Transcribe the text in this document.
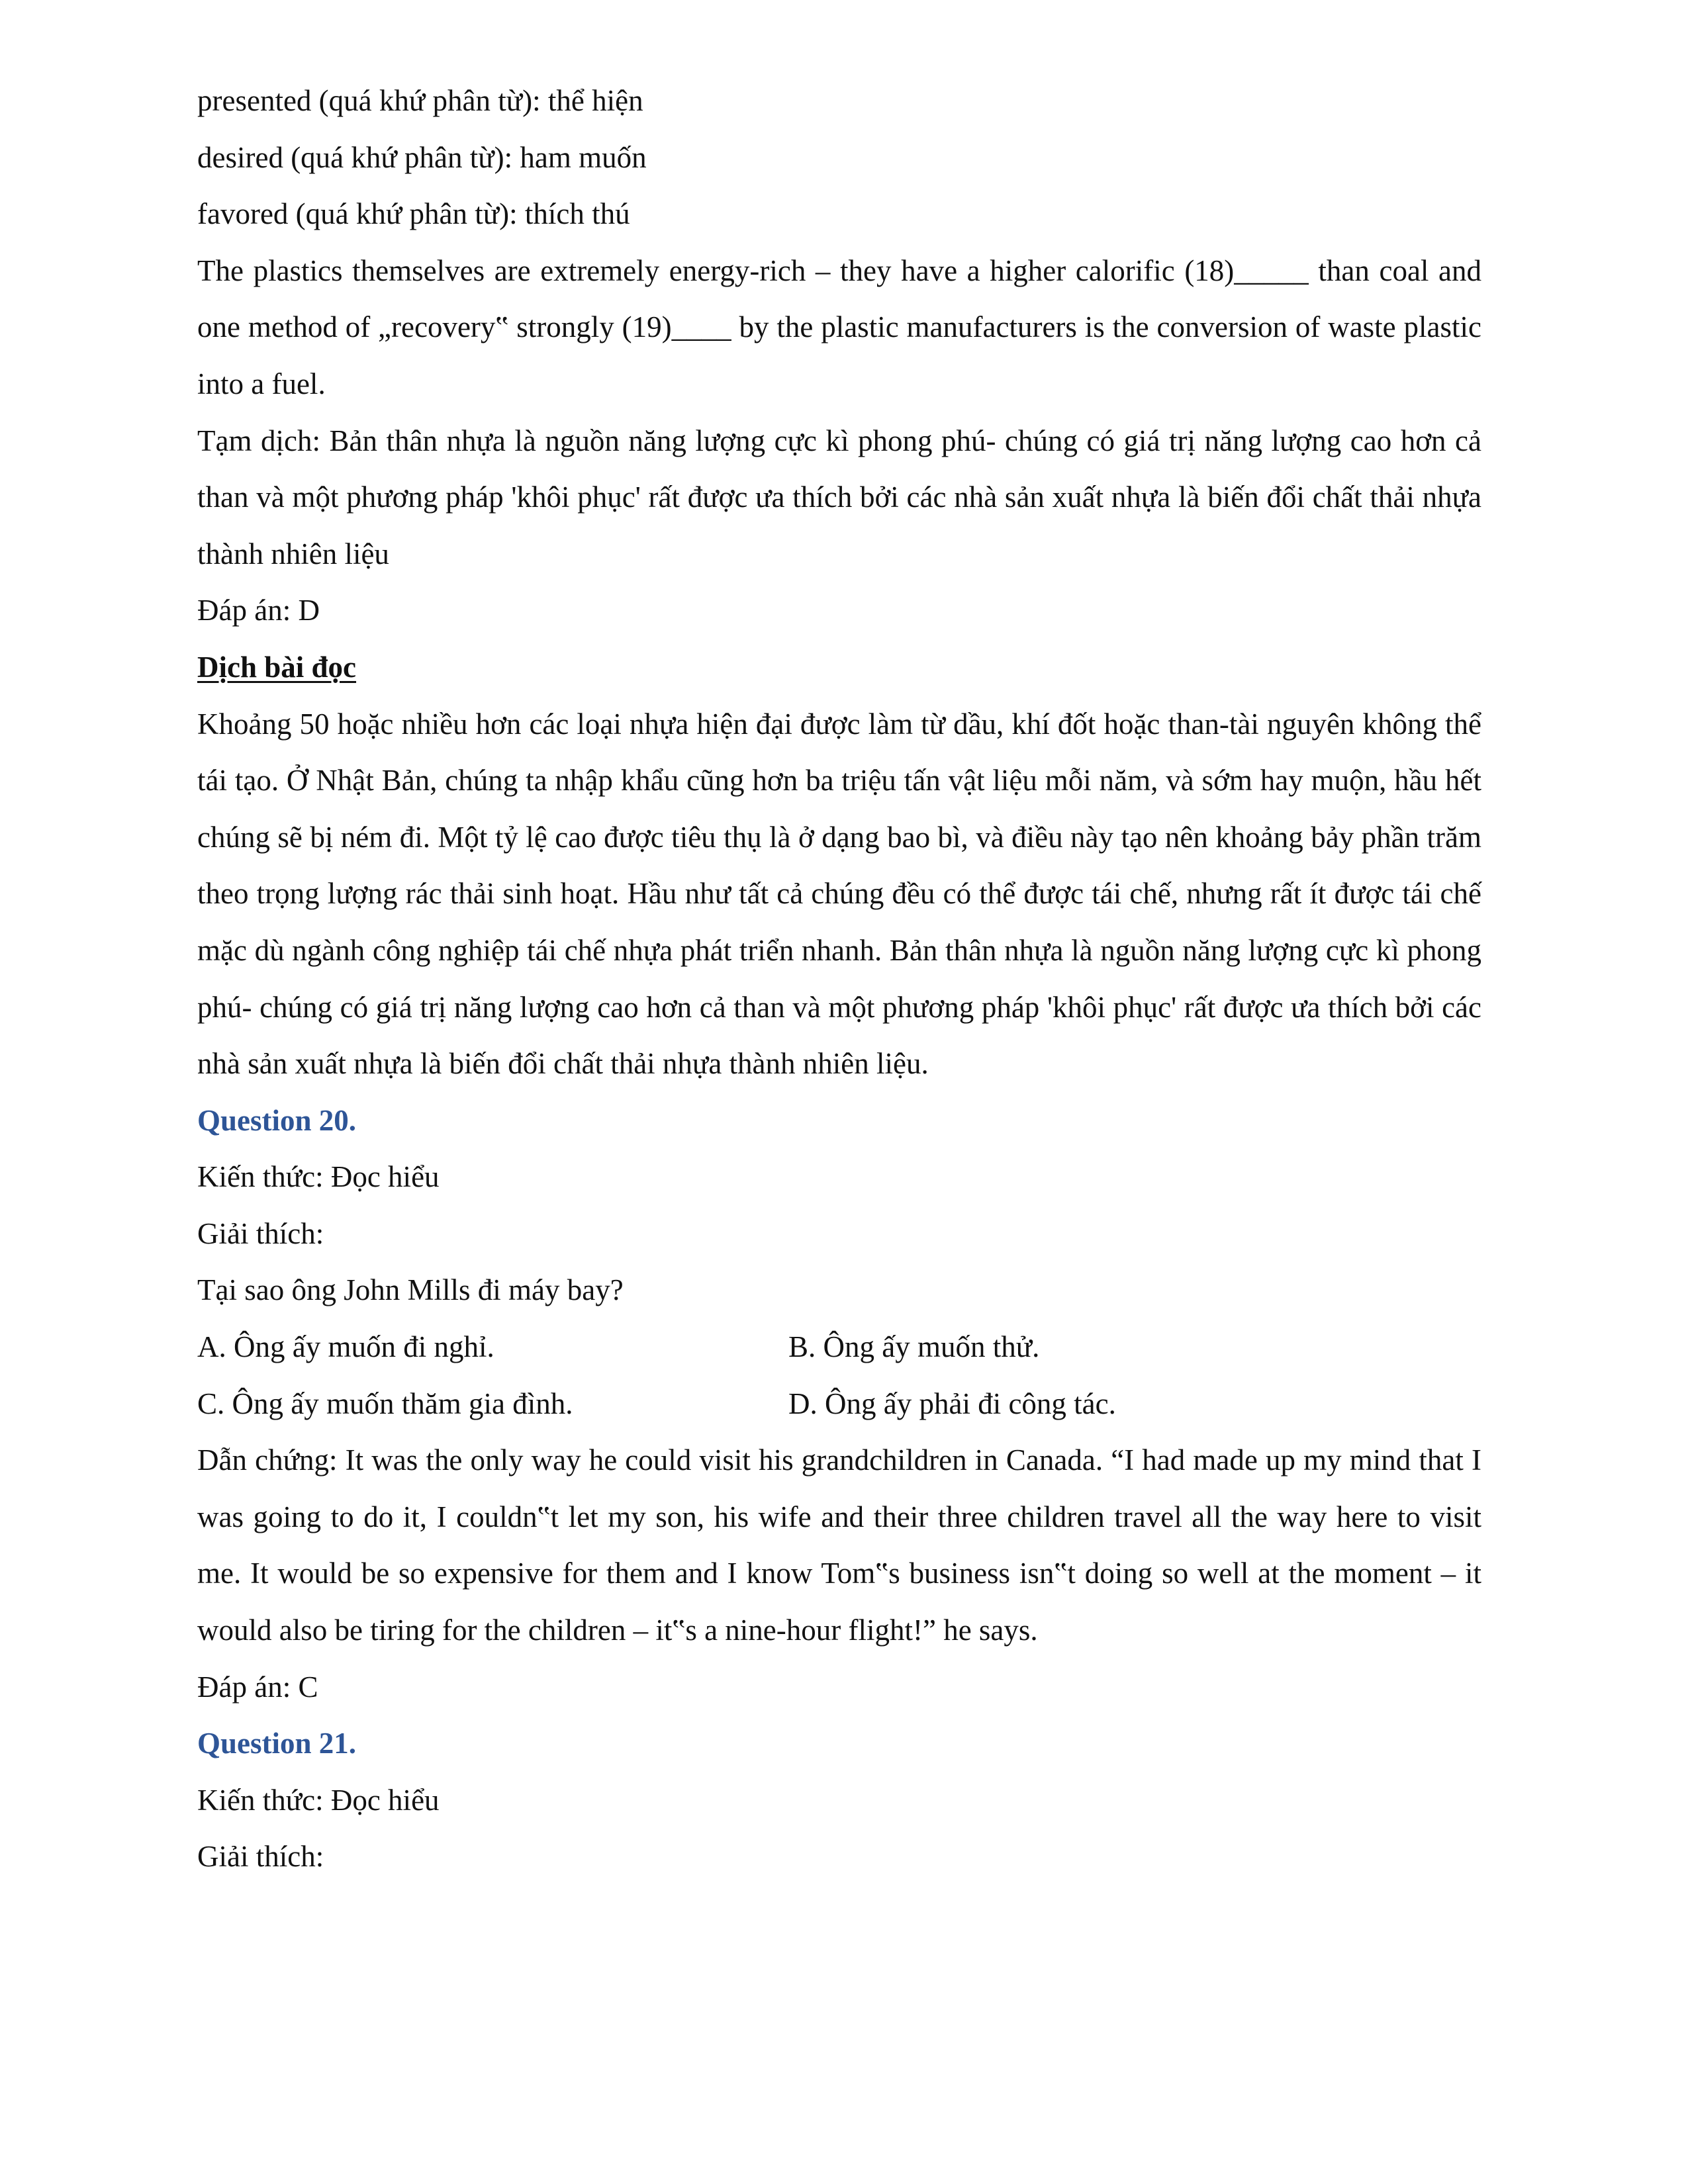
presented (quá khứ phân từ): thể hiện
desired (quá khứ phân từ): ham muốn
favored (quá khứ phân từ): thích thú

The plastics themselves are extremely energy-rich – they have a higher calorific (18)_____ than coal and one method of „recovery‟ strongly (19)____ by the plastic manufacturers is the conversion of waste plastic into a fuel.

Tạm dịch: Bản thân nhựa là nguồn năng lượng cực kì phong phú- chúng có giá trị năng lượng cao hơn cả than và một phương pháp 'khôi phục' rất được ưa thích bởi các nhà sản xuất nhựa là biến đổi chất thải nhựa thành nhiên liệu

Đáp án: D
Dịch bài đọc

Khoảng 50 hoặc nhiều hơn các loại nhựa hiện đại được làm từ dầu, khí đốt hoặc than-tài nguyên không thể tái tạo. Ở Nhật Bản, chúng ta nhập khẩu cũng hơn ba triệu tấn vật liệu mỗi năm, và sớm hay muộn, hầu hết chúng sẽ bị ném đi. Một tỷ lệ cao được tiêu thụ là ở dạng bao bì, và điều này tạo nên khoảng bảy phần trăm theo trọng lượng rác thải sinh hoạt. Hầu như tất cả chúng đều có thể được tái chế, nhưng rất ít được tái chế mặc dù ngành công nghiệp tái chế nhựa phát triển nhanh. Bản thân nhựa là nguồn năng lượng cực kì phong phú- chúng có giá trị năng lượng cao hơn cả than và một phương pháp 'khôi phục' rất được ưa thích bởi các nhà sản xuất nhựa là biến đổi chất thải nhựa thành nhiên liệu.

Question 20.
Kiến thức: Đọc hiểu
Giải thích:
Tại sao ông John Mills đi máy bay?
A. Ông ấy muốn đi nghỉ.	B. Ông ấy muốn thử.
C. Ông ấy muốn thăm gia đình.	D. Ông ấy phải đi công tác.

Dẫn chứng: It was the only way he could visit his grandchildren in Canada. “I had made up my mind that I was going to do it, I couldn‟t let my son, his wife and their three children travel all the way here to visit me. It would be so expensive for them and I know Tom‟s business isn‟t doing so well at the moment – it would also be tiring for the children – it‟s a nine-hour flight!” he says.

Đáp án: C
Question 21.
Kiến thức: Đọc hiểu
Giải thích:
